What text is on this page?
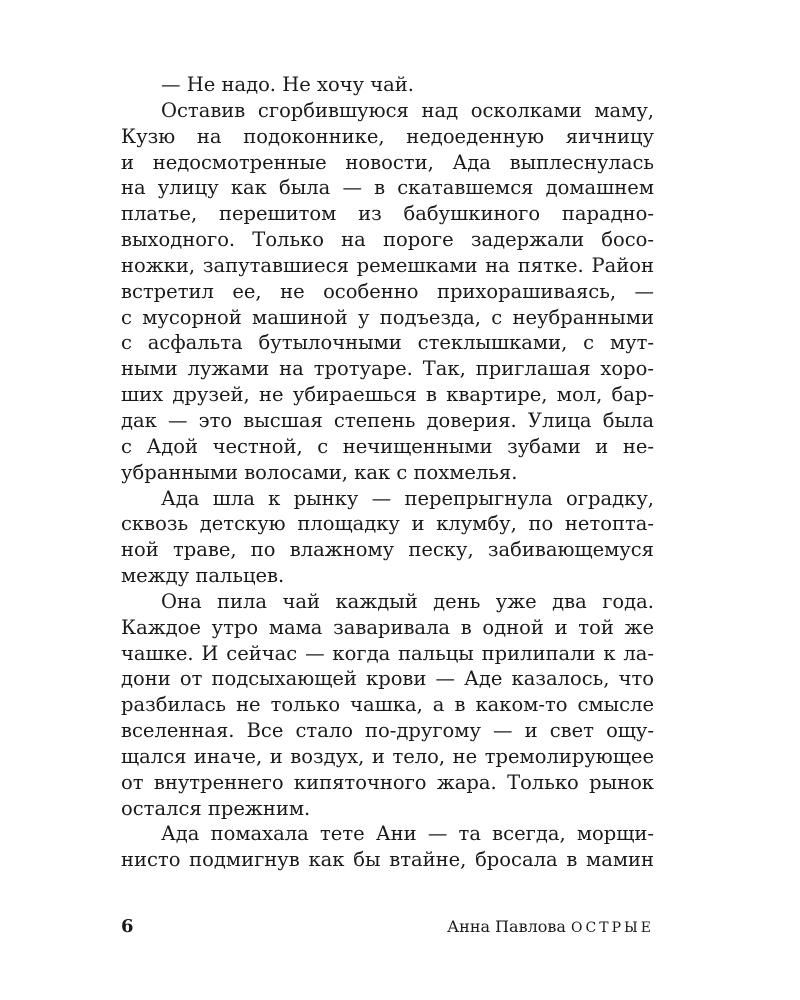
— Не надо. Не хочу чай.
Оставив сгорбившуюся над осколками маму,
Кузю на подоконнике, недоеденную яичницу
и недосмотренные новости, Ада выплеснулась
на улицу как была — в скатавшемся домашнем
платье, перешитом из бабушкиного парадно-
выходного. Только на пороге задержали босо-
ножки, запутавшиеся ремешками на пятке. Район
встретил ее, не особенно прихорашиваясь, —
с мусорной машиной у подъезда, с неубранными
с асфальта бутылочными стеклышками, с мут-
ными лужами на тротуаре. Так, приглашая хоро-
ших друзей, не убираешься в квартире, мол, бар-
дак — это высшая степень доверия. Улица была
с Адой честной, с нечищенными зубами и не-
убранными волосами, как с похмелья.
Ада шла к рынку — перепрыгнула оградку,
сквозь детскую площадку и клумбу, по нетопта-
ной траве, по влажному песку, забивающемуся
между пальцев.
Она пила чай каждый день уже два года.
Каждое утро мама заваривала в одной и той же
чашке. И сейчас — когда пальцы прилипали к ла-
дони от подсыхающей крови — Аде казалось, что
разбилась не только чашка, а в каком-то смысле
вселенная. Все стало по-другому — и свет ощу-
щался иначе, и воздух, и тело, не тремолирующее
от внутреннего кипяточного жара. Только рынок
остался прежним.
Ада помахала тете Ани — та всегда, морщи-
нисто подмигнув как бы втайне, бросала в мамин
6	Анна Павлова ОСТРЫЕ
